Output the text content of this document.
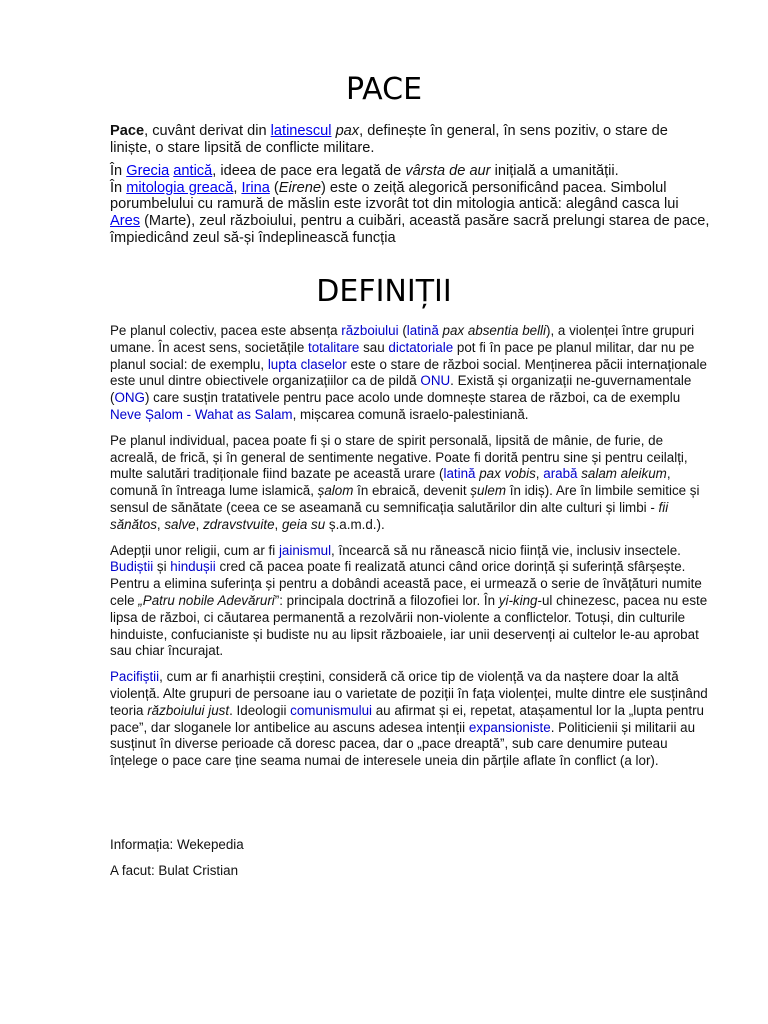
PACE

Pace, cuvânt derivat din latinescul pax, definește în general, în sens pozitiv, o stare de liniște, o stare lipsită de conflicte militare.

În Grecia antică, ideea de pace era legată de vârsta de aur inițială a umanității.
În mitologia greacă, Irina (Eirene) este o zeiță alegorică personificând pacea. Simbolul porumbelului cu ramură de măslin este izvorât tot din mitologia antică: alegând casca lui Ares (Marte), zeul războiului, pentru a cuibări, această pasăre sacră prelungi starea de pace, împiedicând zeul să-și îndeplinească funcția

DEFINIȚII

Pe planul colectiv, pacea este absența războiului (latină pax absentia belli), a violenței între grupuri umane. În acest sens, societățile totalitare sau dictatoriale pot fi în pace pe planul militar, dar nu pe planul social: de exemplu, lupta claselor este o stare de război social. Menținerea păcii internaționale este unul dintre obiectivele organizațiilor ca de pildă ONU. Există și organizații ne-guvernamentale (ONG) care susțin tratativele pentru pace acolo unde domnește starea de război, ca de exemplu Neve Șalom - Wahat as Salam, mișcarea comună israelo-palestiniană.

Pe planul individual, pacea poate fi și o stare de spirit personală, lipsită de mânie, de furie, de acreală, de frică, și în general de sentimente negative. Poate fi dorită pentru sine și pentru ceilalți, multe salutări tradiționale fiind bazate pe această urare (latină pax vobis, arabă salam aleikum, comună în întreaga lume islamică, șalom în ebraică, devenit șulem în idiș). Are în limbile semitice și sensul de sănătate (ceea ce se aseamană cu semnificația salutărilor din alte culturi și limbi - fii sănătos, salve, zdravstvuite, geia su ș.a.m.d.).

Adepții unor religii, cum ar fi jainismul, încearcă să nu rănească nicio ființă vie, inclusiv insectele. Budiștii și hindușii cred că pacea poate fi realizată atunci când orice dorință și suferință sfârșește. Pentru a elimina suferința și pentru a dobândi această pace, ei urmează o serie de învățături numite cele „Patru nobile Adevăruri”: principala doctrină a filozofiei lor. În yi-king-ul chinezesc, pacea nu este lipsa de război, ci căutarea permanentă a rezolvării non-violente a conflictelor. Totuși, din culturile hinduiste, confucianiste și budiste nu au lipsit războaiele, iar unii deservenți ai cultelor le-au aprobat sau chiar încurajat.

Pacifiștii, cum ar fi anarhiștii creștini, consideră că orice tip de violență va da naștere doar la altă violență. Alte grupuri de persoane iau o varietate de poziții în fața violenței, multe dintre ele susținând teoria războiului just. Ideologii comunismului au afirmat și ei, repetat, atașamentul lor la „lupta pentru pace”, dar sloganele lor antibelice au ascuns adesea intenții expansioniste. Politicienii și militarii au susținut în diverse perioade că doresc pacea, dar o „pace dreaptă”, sub care denumire puteau înțelege o pace care ține seama numai de interesele uneia din părțile aflate în conflict (a lor).

Informația: Wekepedia

A facut: Bulat Cristian
